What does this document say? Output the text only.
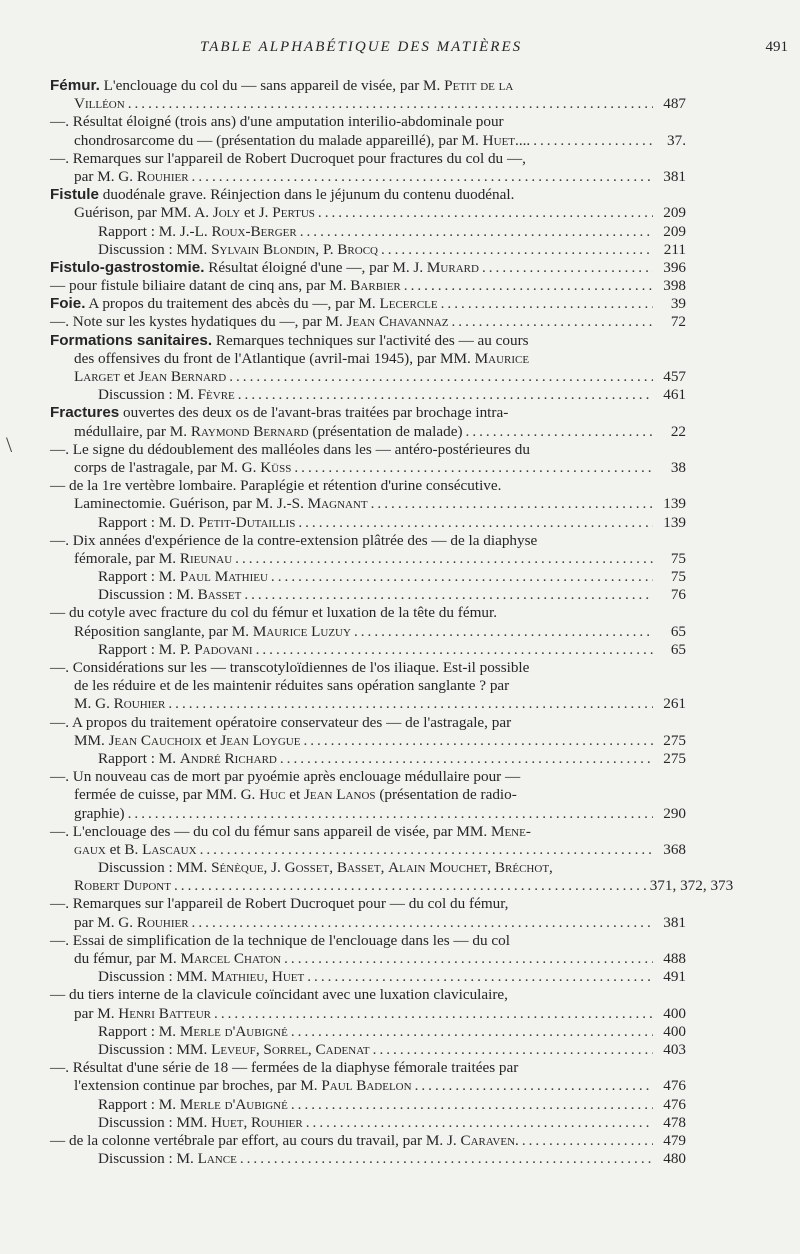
TABLE ALPHABÉTIQUE DES MATIÈRES	491
\
Fémur. L'enclouage du col du — sans appareil de visée, par M. Petit de la
Villéon .....	487
—. Résultat éloigné (trois ans) d'une amputation interilio-abdominale pour
chondrosarcome du — (présentation du malade appareillé), par M. Huet.... .....	37.
—. Remarques sur l'appareil de Robert Ducroquet pour fractures du col du —,
par M. G. Rouhier .....	381
Fistule duodénale grave. Réinjection dans le jéjunum du contenu duodénal.
Guérison, par MM. A. Joly et J. Pertus .....	209
Rapport : M. J.-L. Roux-Berger .....	209
Discussion : MM. Sylvain Blondin, P. Brocq .....	211
Fistulo-gastrostomie. Résultat éloigné d'une —, par M. J. Murard .....	396
— pour fistule biliaire datant de cinq ans, par M. Barbier .....	398
Foie. A propos du traitement des abcès du —, par M. Lecercle .....	39
—. Note sur les kystes hydatiques du —, par M. Jean Chavannaz .....	72
Formations sanitaires. Remarques techniques sur l'activité des — au cours
des offensives du front de l'Atlantique (avril-mai 1945), par MM. Maurice
Larget et Jean Bernard .....	457
Discussion : M. Fèvre .....	461
Fractures ouvertes des deux os de l'avant-bras traitées par brochage intra-
médullaire, par M. Raymond Bernard (présentation de malade) .....	22
—. Le signe du dédoublement des malléoles dans les — antéro-postérieures du
corps de l'astragale, par M. G. Küss .....	38
— de la 1re vertèbre lombaire. Paraplégie et rétention d'urine consécutive.
Laminectomie. Guérison, par M. J.-S. Magnant .....	139
Rapport : M. D. Petit-Dutaillis .....	139
—. Dix années d'expérience de la contre-extension plâtrée des — de la diaphyse
fémorale, par M. Rieunau .....	75
Rapport : M. Paul Mathieu .....	75
Discussion : M. Basset .....	76
— du cotyle avec fracture du col du fémur et luxation de la tête du fémur.
Réposition sanglante, par M. Maurice Luzuy .....	65
Rapport : M. P. Padovani .....	65
—. Considérations sur les — transcotyloïdiennes de l'os iliaque. Est-il possible
de les réduire et de les maintenir réduites sans opération sanglante ? par
M. G. Rouhier .....	261
—. A propos du traitement opératoire conservateur des — de l'astragale, par
MM. Jean Cauchoix et Jean Loygue .....	275
Rapport : M. André Richard .....	275
—. Un nouveau cas de mort par pyoémie après enclouage médullaire pour —
fermée de cuisse, par MM. G. Huc et Jean Lanos (présentation de radio-
graphie) .....	290
—. L'enclouage des — du col du fémur sans appareil de visée, par MM. Mene-
gaux et B. Lascaux .....	368
Discussion : MM. Sénèque, J. Gosset, Basset, Alain Mouchet, Bréchot,
Robert Dupont .....	371, 372, 373
—. Remarques sur l'appareil de Robert Ducroquet pour — du col du fémur,
par M. G. Rouhier .....	381
—. Essai de simplification de la technique de l'enclouage dans les — du col
du fémur, par M. Marcel Chaton .....	488
Discussion : MM. Mathieu, Huet .....	491
— du tiers interne de la clavicule coïncidant avec une luxation claviculaire,
par M. Henri Batteur .....	400
Rapport : M. Merle d'Aubigné .....	400
Discussion : MM. Leveuf, Sorrel, Cadenat .....	403
—. Résultat d'une série de 18 — fermées de la diaphyse fémorale traitées par
l'extension continue par broches, par M. Paul Badelon .....	476
Rapport : M. Merle d'Aubigné .....	476
Discussion : MM. Huet, Rouhier .....	478
— de la colonne vertébrale par effort, au cours du travail, par M. J. Caraven. .....	479
Discussion : M. Lance .....	480
